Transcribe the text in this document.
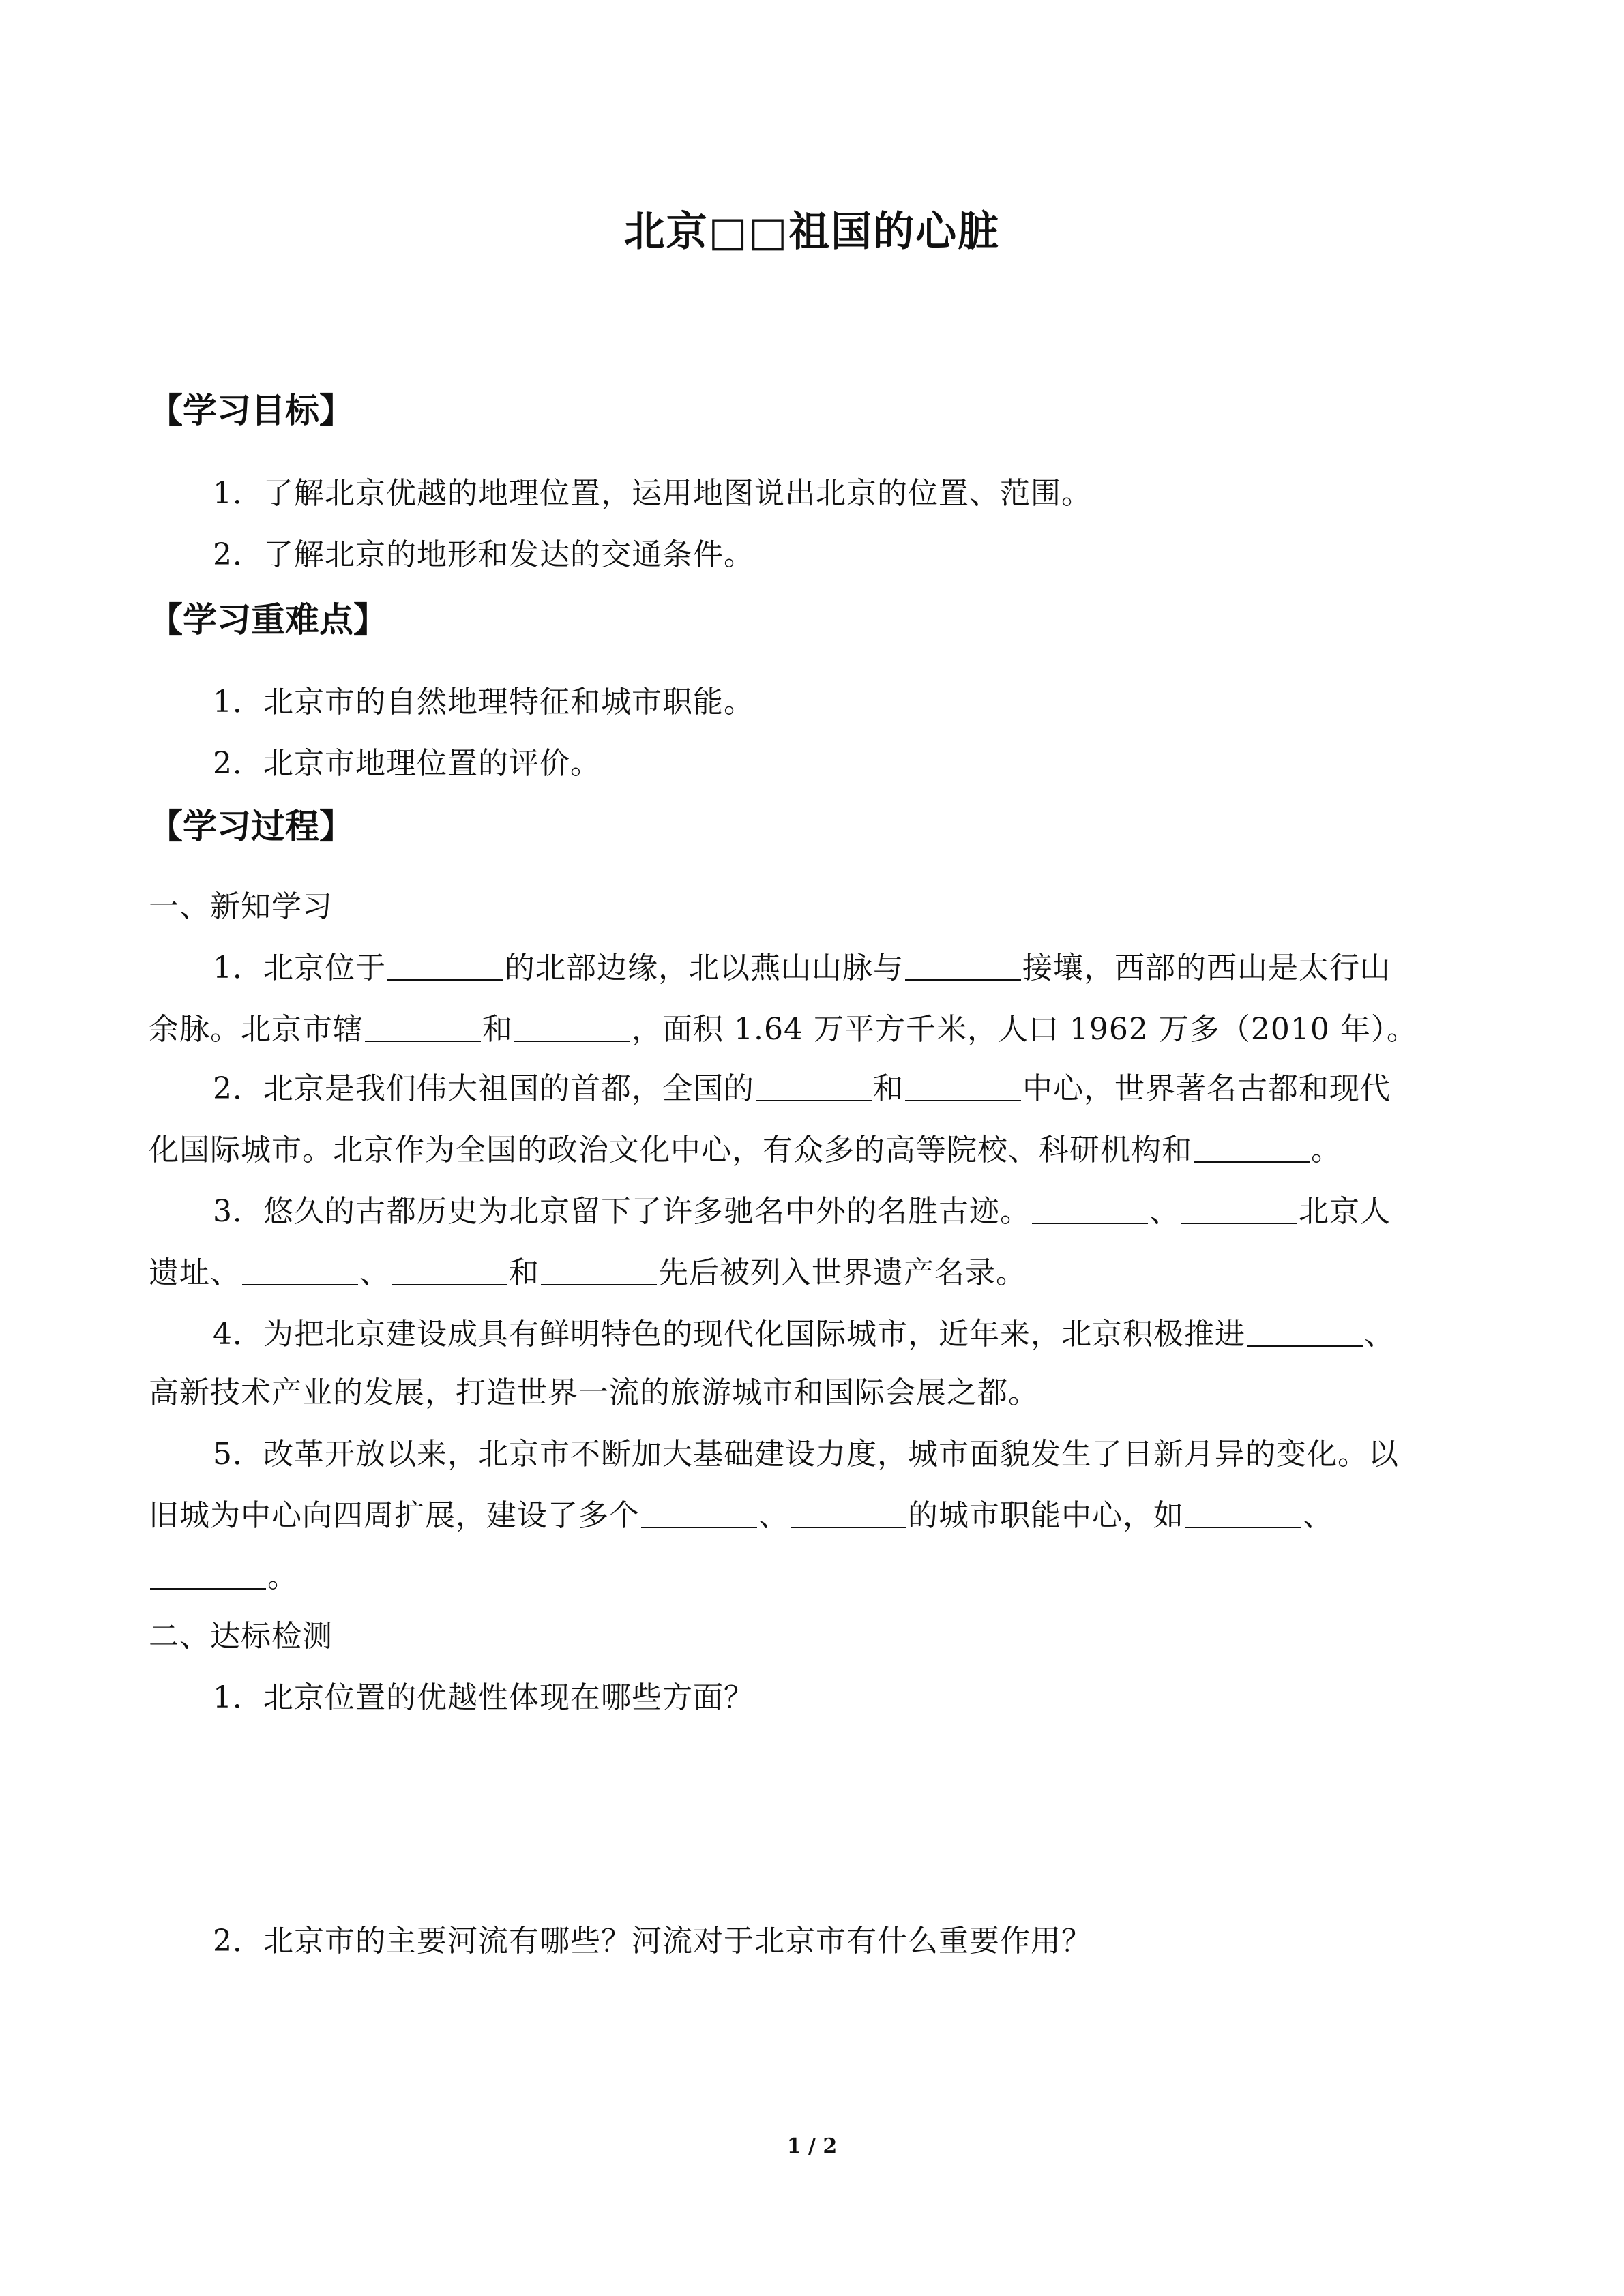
北京□□祖国的心脏
【学习目标】
1．了解北京优越的地理位置，运用地图说出北京的位置、范围。
2．了解北京的地形和发达的交通条件。
【学习重难点】
1．北京市的自然地理特征和城市职能。
2．北京市地理位置的评价。
【学习过程】
一、新知学习
1．北京位于	的北部边缘，北以燕山山脉与	接壤，西部的西山是太行山
余脉。北京市辖	和	，面积 1.64 万平方千米，人口 1962 万多（2010 年）。
2．北京是我们伟大祖国的首都，全国的	和	中心，世界著名古都和现代
化国际城市。北京作为全国的政治文化中心，有众多的高等院校、科研机构和	。
3．悠久的古都历史为北京留下了许多驰名中外的名胜古迹。	、	北京人
遗址、	、	和	先后被列入世界遗产名录。
4．为把北京建设成具有鲜明特色的现代化国际城市，近年来，北京积极推进	、
高新技术产业的发展，打造世界一流的旅游城市和国际会展之都。
5．改革开放以来，北京市不断加大基础建设力度，城市面貌发生了日新月异的变化。以
旧城为中心向四周扩展，建设了多个	、	的城市职能中心，如	、
。
二、达标检测
1．北京位置的优越性体现在哪些方面？
2．北京市的主要河流有哪些？河流对于北京市有什么重要作用？
1 / 2
